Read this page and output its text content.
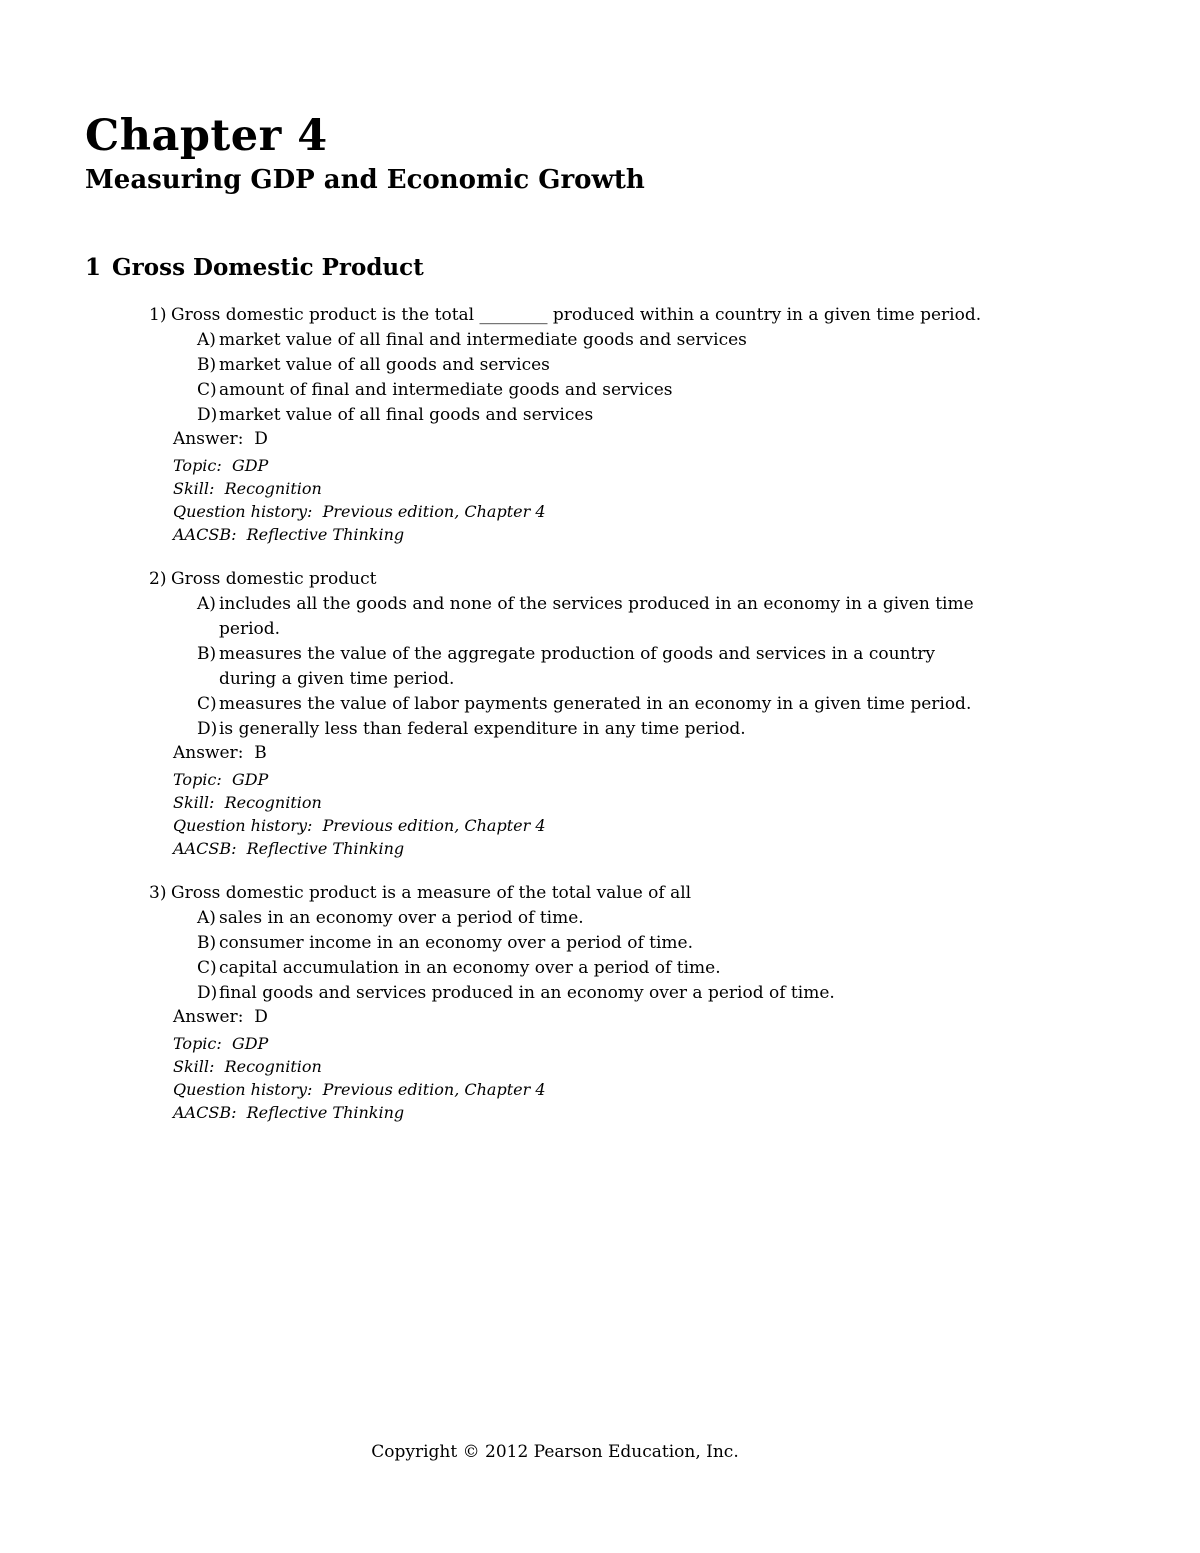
Chapter 4
Measuring GDP and Economic Growth
1 Gross Domestic Product
1) Gross domestic product is the total ________ produced within a country in a given time period.
A) market value of all final and intermediate goods and services
B) market value of all goods and services
C) amount of final and intermediate goods and services
D) market value of all final goods and services
Answer:  D
Topic:  GDP
Skill:  Recognition
Question history:  Previous edition, Chapter 4
AACSB:  Reflective Thinking
2) Gross domestic product
A) includes all the goods and none of the services produced in an economy in a given time period.
B) measures the value of the aggregate production of goods and services in a country during a given time period.
C) measures the value of labor payments generated in an economy in a given time period.
D) is generally less than federal expenditure in any time period.
Answer:  B
Topic:  GDP
Skill:  Recognition
Question history:  Previous edition, Chapter 4
AACSB:  Reflective Thinking
3) Gross domestic product is a measure of the total value of all
A) sales in an economy over a period of time.
B) consumer income in an economy over a period of time.
C) capital accumulation in an economy over a period of time.
D) final goods and services produced in an economy over a period of time.
Answer:  D
Topic:  GDP
Skill:  Recognition
Question history:  Previous edition, Chapter 4
AACSB:  Reflective Thinking
Copyright © 2012 Pearson Education, Inc.
